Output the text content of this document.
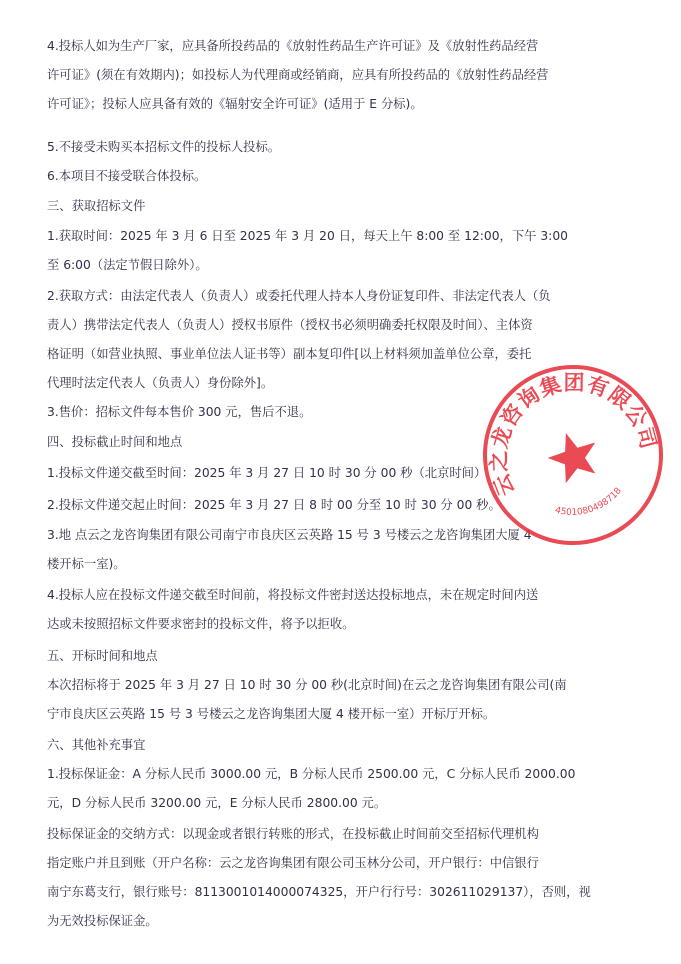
4.投标人如为生产厂家，应具备所投药品的《放射性药品生产许可证》及《放射性药品经营
许可证》(须在有效期内)；如投标人为代理商或经销商，应具有所投药品的《放射性药品经营
许可证》；投标人应具备有效的《辐射安全许可证》(适用于 E 分标)。
5.不接受未购买本招标文件的投标人投标。
6.本项目不接受联合体投标。
三、获取招标文件
1.获取时间：2025 年 3 月 6 日至 2025 年 3 月 20 日，每天上午 8:00 至 12:00，下午 3:00
至 6:00（法定节假日除外）。
2.获取方式：由法定代表人（负责人）或委托代理人持本人身份证复印件、非法定代表人（负
责人）携带法定代表人（负责人）授权书原件（授权书必须明确委托权限及时间）、主体资
格证明（如营业执照、事业单位法人证书等）副本复印件[以上材料须加盖单位公章，委托
代理时法定代表人（负责人）身份除外]。
3.售价：招标文件每本售价 300 元，售后不退。
四、投标截止时间和地点
1.投标文件递交截至时间：2025 年 3 月 27 日 10 时 30 分 00 秒（北京时间）
2.投标文件递交起止时间：2025 年 3 月 27 日 8 时 00 分至 10 时 30 分 00 秒。
3.地 点云之龙咨询集团有限公司南宁市良庆区云英路 15 号 3 号楼云之龙咨询集团大厦 4
楼开标一室)。
4.投标人应在投标文件递交截至时间前，将投标文件密封送达投标地点，未在规定时间内送
达或未按照招标文件要求密封的投标文件，将予以拒收。
五、开标时间和地点
本次招标将于 2025 年 3 月 27 日 10 时 30 分 00 秒(北京时间)在云之龙咨询集团有限公司(南
宁市良庆区云英路 15 号 3 号楼云之龙咨询集团大厦 4 楼开标一室）开标厅开标。
六、其他补充事宜
1.投标保证金：A 分标人民币 3000.00 元，B 分标人民币 2500.00 元，C 分标人民币 2000.00
元，D 分标人民币 3200.00 元，E 分标人民币 2800.00 元。
投标保证金的交纳方式：以现金或者银行转账的形式，在投标截止时间前交至招标代理机构
指定账户并且到账（开户名称：云之龙咨询集团有限公司玉林分公司，开户银行：中信银行
南宁东葛支行，银行账号：8113001014000074325，开户行行号：302611029137），否则，视
为无效投标保证金。
云之龙咨询集团有限公司
4501080498718
